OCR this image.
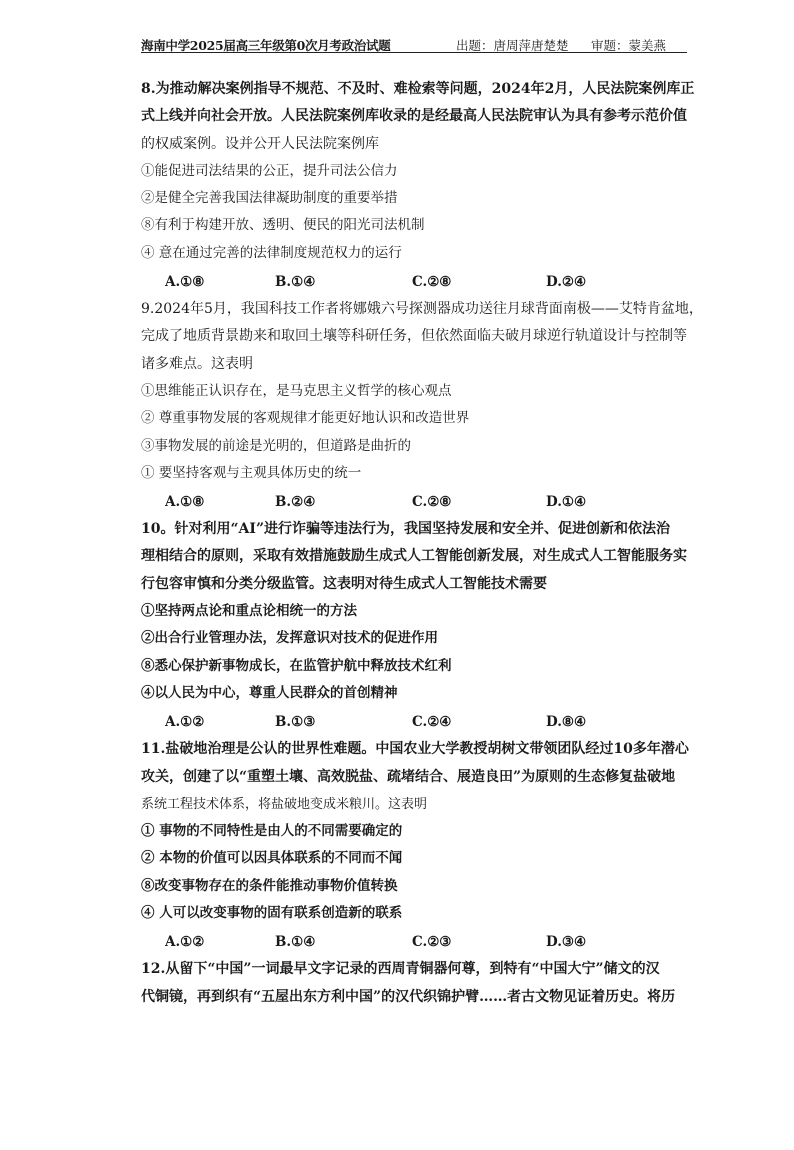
海南中学2025届高三年级第0次月考政治试题	出题：唐周萍唐楚楚 审题：蒙美燕
8.为推动解决案例指导不规范、不及时、难检索等问题，2024年2月，人民法院案例库正
式上线并向社会开放。人民法院案例库收录的是经最高人民法院审认为具有参考示范价值
的权威案例。设并公开人民法院案例库
①能促进司法结果的公正，提升司法公信力
②是健全完善我国法律凝助制度的重要举措
⑧有利于构建开放、透明、便民的阳光司法机制
④ 意在通过完善的法律制度规范权力的运行
A.①⑧	B.①④	C.②⑧	D.②④
9.2024年5月，我国科技工作者将娜娥六号探测器成功送往月球背面南极——艾特肯盆地，
完成了地质背景勘来和取回土壤等科研任务，但依然面临夫破月球逆行轨道设计与控制等
诸多难点。这表明
①思维能正认识存在，是马克思主义哲学的核心观点
② 尊重事物发展的客观规律才能更好地认识和改造世界
③事物发展的前途是光明的，但道路是曲折的
① 要坚持客观与主观具体历史的统一
A.①⑧	B.②④	C.②⑧	D.①④
10。针对利用“AI”进行诈骗等违法行为，我国坚持发展和安全并、促进创新和依法治
理相结合的原则，采取有效措施鼓励生成式人工智能创新发展，对生成式人工智能服务实
行包容审慎和分类分级监管。这表明对待生成式人工智能技术需要
①坚持两点论和重点论相统一的方法
②出合行业管理办法，发挥意识对技术的促进作用
⑧悉心保护新事物成长，在监管护航中释放技术红利
④以人民为中心，尊重人民群众的首创精神
A.①②	B.①③	C.②④	D.⑧④
11.盐破地治理是公认的世界性难题。中国农业大学教授胡树文带领团队经过10多年潜心
攻关，创建了以“重塑土壤、高效脱盐、疏堵结合、展造良田”为原则的生态修复盐破地
系统工程技术体系，将盐破地变成米粮川。这表明
① 事物的不同特性是由人的不同需要确定的
② 本物的价值可以因具体联系的不同而不闻
⑧改变事物存在的条件能推动事物价值转换
④ 人可以改变事物的固有联系创造新的联系
A.①②	B.①④	C.②③	D.③④
12.从留下“中国”一词最早文字记录的西周青铜器何尊，到特有“中国大宁”储文的汉
代铜镜，再到织有“五屋出东方利中国”的汉代织锦护臂……者古文物见证着历史。将历
